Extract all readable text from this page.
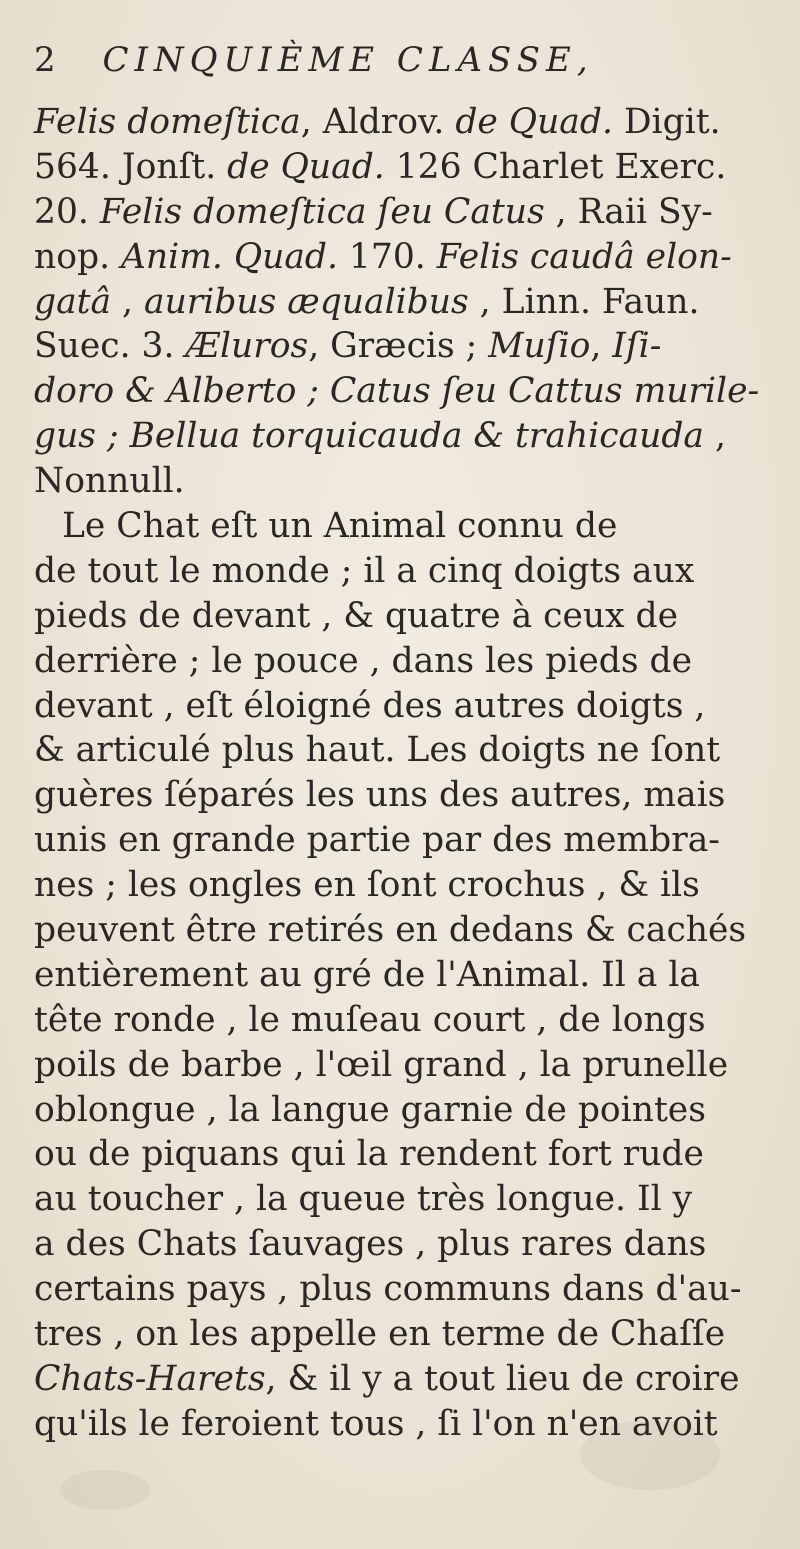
2 CINQUIÈME CLASSE,
Felis domeſtica, Aldrov. de Quad. Digit.
564. Jonſt. de Quad. 126 Charlet Exerc.
20. Felis domeſtica ſeu Catus , Raii Sy-
nop. Anim. Quad. 170. Felis caudâ elon-
gatâ , auribus æqualibus , Linn. Faun.
Suec. 3. Æluros, Græcis ; Muſio, Iſi-
doro & Alberto ; Catus ſeu Cattus murile-
gus ; Bellua torquicauda & trahicauda ,
Nonnull.
Le Chat eſt un Animal connu de
de tout le monde ; il a cinq doigts aux
pieds de devant , & quatre à ceux de
derrière ; le pouce , dans les pieds de
devant , eſt éloigné des autres doigts ,
& articulé plus haut. Les doigts ne ſont
guères ſéparés les uns des autres, mais
unis en grande partie par des membra-
nes ; les ongles en ſont crochus , & ils
peuvent être retirés en dedans & cachés
entièrement au gré de l'Animal. Il a la
tête ronde , le muſeau court , de longs
poils de barbe , l'œil grand , la prunelle
oblongue , la langue garnie de pointes
ou de piquans qui la rendent fort rude
au toucher , la queue très longue. Il y
a des Chats ſauvages , plus rares dans
certains pays , plus communs dans d'au-
tres , on les appelle en terme de Chaſſe
Chats-Harets, & il y a tout lieu de croire
qu'ils le feroient tous , ſi l'on n'en avoit
